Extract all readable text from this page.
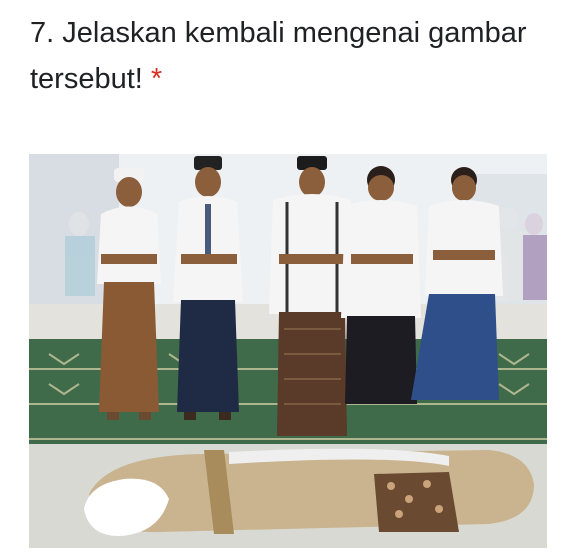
7. Jelaskan kembali mengenai gambar tersebut! *
